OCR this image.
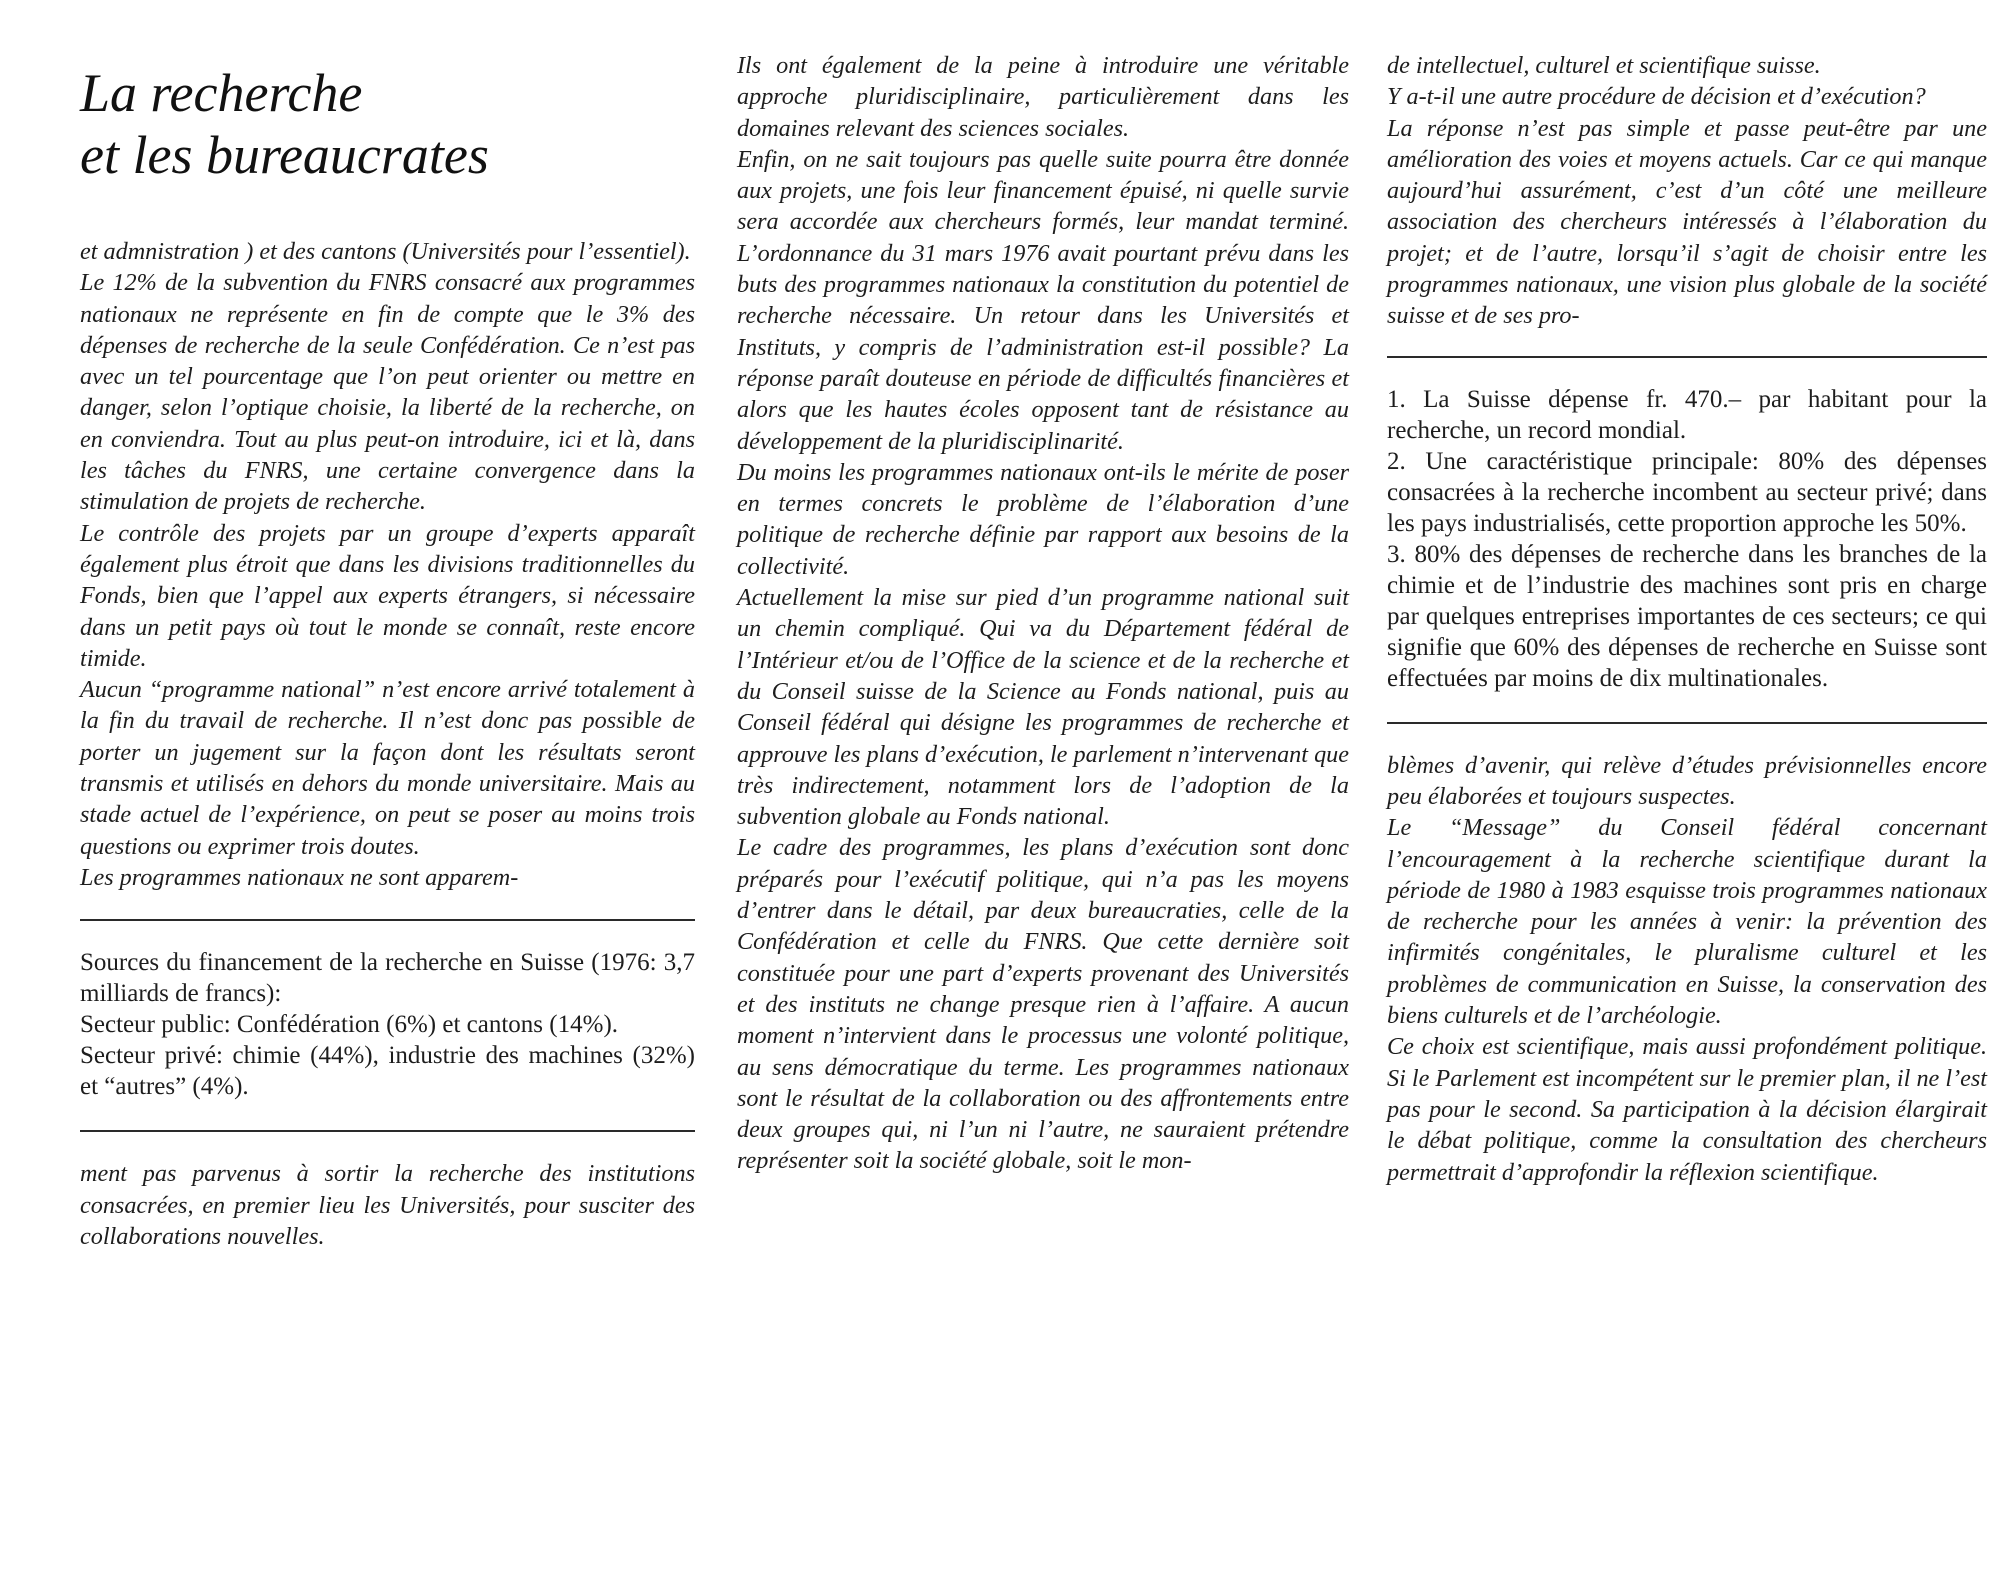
La recherche
et les bureaucrates

et admnistration ) et des cantons (Universités pour l’essentiel).

Le 12% de la subvention du FNRS consacré aux programmes nationaux ne représente en fin de compte que le 3% des dépenses de recherche de la seule Confédération. Ce n’est pas avec un tel pourcentage que l’on peut orienter ou mettre en danger, selon l’optique choisie, la liberté de la recherche, on en conviendra. Tout au plus peut-on introduire, ici et là, dans les tâches du FNRS, une certaine convergence dans la stimulation de projets de recherche.

Le contrôle des projets par un groupe d’experts apparaît également plus étroit que dans les divisions traditionnelles du Fonds, bien que l’appel aux experts étrangers, si nécessaire dans un petit pays où tout le monde se connaît, reste encore timide.

Aucun “programme national” n’est encore arrivé totalement à la fin du travail de recherche. Il n’est donc pas possible de porter un jugement sur la façon dont les résultats seront transmis et utilisés en dehors du monde universitaire. Mais au stade actuel de l’expérience, on peut se poser au moins trois questions ou exprimer trois doutes.

Les programmes nationaux ne sont apparem-

Sources du financement de la recherche en Suisse (1976: 3,7 milliards de francs):

Secteur public: Confédération (6%) et cantons (14%).

Secteur privé: chimie (44%), industrie des machines (32%) et “autres” (4%).

ment pas parvenus à sortir la recherche des institutions consacrées, en premier lieu les Universités, pour susciter des collaborations nouvelles.

Ils ont également de la peine à introduire une véritable approche pluridisciplinaire, particulièrement dans les domaines relevant des sciences sociales.

Enfin, on ne sait toujours pas quelle suite pourra être donnée aux projets, une fois leur financement épuisé, ni quelle survie sera accordée aux chercheurs formés, leur mandat terminé. L’ordonnance du 31 mars 1976 avait pourtant prévu dans les buts des programmes nationaux la constitution du potentiel de recherche nécessaire. Un retour dans les Universités et Instituts, y compris de l’administration est-il possible? La réponse paraît douteuse en période de difficultés financières et alors que les hautes écoles opposent tant de résistance au développement de la pluridisciplinarité.

Du moins les programmes nationaux ont-ils le mérite de poser en termes concrets le problème de l’élaboration d’une politique de recherche définie par rapport aux besoins de la collectivité.

Actuellement la mise sur pied d’un programme national suit un chemin compliqué. Qui va du Département fédéral de l’Intérieur et/ou de l’Office de la science et de la recherche et du Conseil suisse de la Science au Fonds national, puis au Conseil fédéral qui désigne les programmes de recherche et approuve les plans d’exécution, le parlement n’intervenant que très indirectement, notamment lors de l’adoption de la subvention globale au Fonds national.

Le cadre des programmes, les plans d’exécution sont donc préparés pour l’exécutif politique, qui n’a pas les moyens d’entrer dans le détail, par deux bureaucraties, celle de la Confédération et celle du FNRS. Que cette dernière soit constituée pour une part d’experts provenant des Universités et des instituts ne change presque rien à l’affaire. A aucun moment n’intervient dans le processus une volonté politique, au sens démocratique du terme. Les programmes nationaux sont le résultat de la collaboration ou des affrontements entre deux groupes qui, ni l’un ni l’autre, ne sauraient prétendre représenter soit la société globale, soit le mon-

de intellectuel, culturel et scientifique suisse.

Y a-t-il une autre procédure de décision et d’exécution?

La réponse n’est pas simple et passe peut-être par une amélioration des voies et moyens actuels. Car ce qui manque aujourd’hui assurément, c’est d’un côté une meilleure association des chercheurs intéressés à l’élaboration du projet; et de l’autre, lorsqu’il s’agit de choisir entre les programmes nationaux, une vision plus globale de la société suisse et de ses pro-

1. La Suisse dépense fr. 470.– par habitant pour la recherche, un record mondial.

2. Une caractéristique principale: 80% des dépenses consacrées à la recherche incombent au secteur privé; dans les pays industrialisés, cette proportion approche les 50%.

3. 80% des dépenses de recherche dans les branches de la chimie et de l’industrie des machines sont pris en charge par quelques entreprises importantes de ces secteurs; ce qui signifie que 60% des dépenses de recherche en Suisse sont effectuées par moins de dix multinationales.

blèmes d’avenir, qui relève d’études prévisionnelles encore peu élaborées et toujours suspectes.

Le “Message” du Conseil fédéral concernant l’encouragement à la recherche scientifique durant la période de 1980 à 1983 esquisse trois programmes nationaux de recherche pour les années à venir: la prévention des infirmités congénitales, le pluralisme culturel et les problèmes de communication en Suisse, la conservation des biens culturels et de l’archéologie.

Ce choix est scientifique, mais aussi profondément politique. Si le Parlement est incompétent sur le premier plan, il ne l’est pas pour le second. Sa participation à la décision élargirait le débat politique, comme la consultation des chercheurs permettrait d’approfondir la réflexion scientifique.
